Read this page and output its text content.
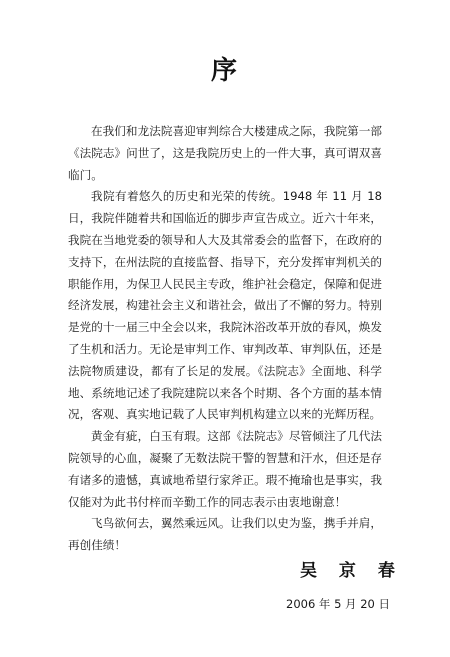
序

在我们和龙法院喜迎审判综合大楼建成之际，我院第一部《法院志》问世了，这是我院历史上的一件大事，真可谓双喜临门。

我院有着悠久的历史和光荣的传统。1948 年 11 月 18 日，我院伴随着共和国临近的脚步声宣告成立。近六十年来，我院在当地党委的领导和人大及其常委会的监督下，在政府的支持下，在州法院的直接监督、指导下，充分发挥审判机关的职能作用，为保卫人民民主专政，维护社会稳定，保障和促进经济发展，构建社会主义和谐社会，做出了不懈的努力。特别是党的十一届三中全会以来，我院沐浴改革开放的春风，焕发了生机和活力。无论是审判工作、审判改革、审判队伍，还是法院物质建设，都有了长足的发展。《法院志》全面地、科学地、系统地记述了我院建院以来各个时期、各个方面的基本情况，客观、真实地记载了人民审判机构建立以来的光辉历程。

黄金有疵，白玉有瑕。这部《法院志》尽管倾注了几代法院领导的心血，凝聚了无数法院干警的智慧和汗水，但还是存有诸多的遗憾，真诚地希望行家斧正。瑕不掩瑜也是事实，我仅能对为此书付梓而辛勤工作的同志表示由衷地谢意！

飞鸟欲何去，翼然乘远风。让我们以史为鉴，携手并肩，再创佳绩！

吴 京 春
2006 年 5 月 20 日
